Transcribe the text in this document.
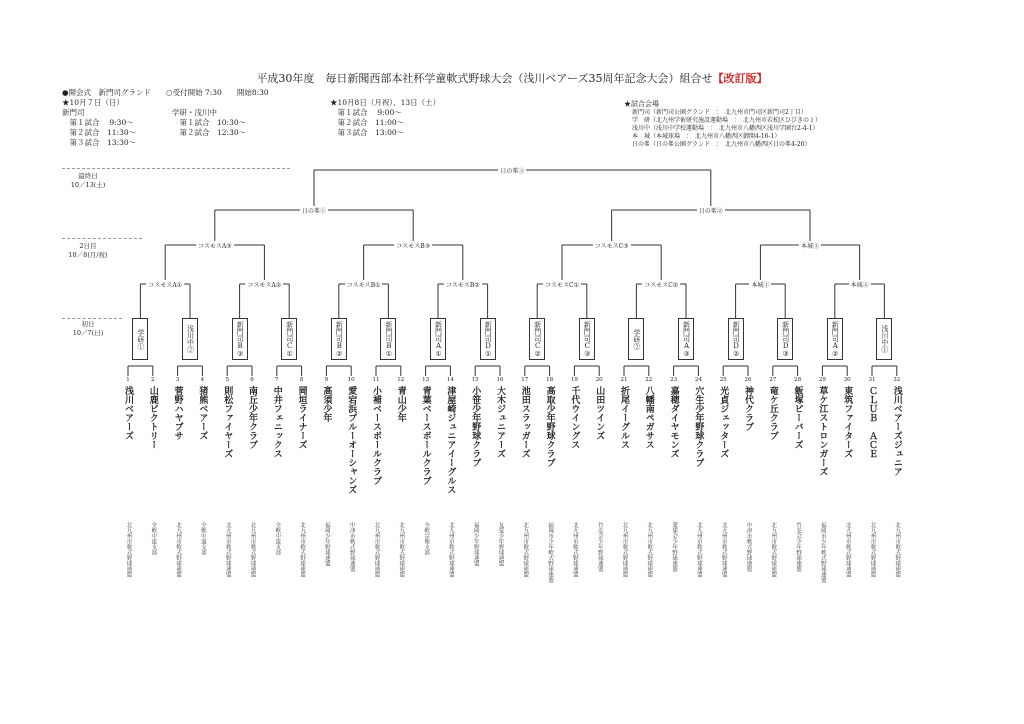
平成30年度　毎日新聞西部本社杯学童軟式野球大会（浅川ベアーズ35周年記念大会）組合せ【改訂版】
●開会式　新門司グランド　　○受付開始 7:30　　開始8:30
★10月７日（日）
新門司
　第１試合　 9:30〜
　第２試合　11:30〜
　第３試合　13:30〜
学研・浅川中
　第１試合　10:30〜
　第２試合　12:30〜
★10月8日（月祝）、13日（土）
　第１試合　 9:00〜
　第２試合　11:00〜
　第３試合　13:00〜
★試合会場
新門司（新門司公園グランド　：　北九州市門司区新門司2丁目）
学　研（北九州学術研究施設運動場　：　北九州市若松区ひびきの１）
浅川中（浅川中学校運動場　：　北九州市八幡西区浅川学園台2-4-1）
本　城（本城球場　：　北九州市八幡西区御開4-16-1）
日の峯（日の峯公園グランド　：　北九州市八幡西区日の峯4-20）
最終日
10／13(土)
2日目
10／8(月/祝)
初日
10／7(日)
コスモスA①	コスモスA②	コスモスB①	コスモスB②	コスモスC①	コスモスC②	本城①	本城②
コスモスA③	コスモスB③	コスモスC③	本城③
日の峯①	日の峯②
日の峯③
学研①	浅川中②	新門司B③	新門司C①	新門司B②	新門司B①	新門司A①	新門司D①	新門司C②	新門司C③	学研②	新門司A③	新門司D②	新門司D③	新門司A②	浅川中①
1
浅川ベアーズ
北九州市軟式野球連盟
2
山鹿ビクトリー
全軟中遠支部
3
菅野ハヤブサ
北九州市軟式野球連盟
4
猪熊ベアーズ
全軟中遠支部
5
則松ファイヤーズ
北九州市軟式野球連盟
6
南丘少年クラブ
北九州市軟式野球連盟
7
中井フェニックス
全軟中遠支部
8
岡垣ライナーズ
北九州市軟式野球連盟
9
高須少年
福岡少年野球連盟
10
愛宕浜ブルーオーシャンズ
中津市軟式野球連盟
11
小補ベースボールクラブ
北九州市軟式野球連盟
12
青山少年
北九州市軟式野球連盟
13
青葉ベースボールクラブ
全軟宗像支部
14
津屋崎ジュニアイーグルス
北九州市軟式野球連盟
15
小笹少年野球クラブ
福岡少年野球連盟
16
大木ジュニアーズ
友愛少年野球連盟
17
池田スラッガーズ
北九州市軟式野球連盟
18
高取少年野球クラブ
福岡市少年軟式野球連盟
19
千代ウイングス
北九州市軟式野球連盟
20
山田ツインズ
竹友会少年野球連盟
21
折尾イーグルス
北九州市軟式野球連盟
22
八幡南ペガサス
北九州市軟式野球連盟
23
嘉穂ダイヤモンズ
愛球会少年野球連盟
24
穴生少年野球クラブ
北九州市軟式野球連盟
25
光貞ジェッターズ
北九州市軟式野球連盟
26
神代クラブ
中津市軟式野球連盟
27
竜ケ丘クラブ
北九州市軟式野球連盟
28
飯塚ビーバーズ
竹友会少年野球連盟
29
草ケ江ストロンガーズ
福岡市少年軟式野球連盟
30
東筑ファイターズ
北九州市軟式野球連盟
31
ＣＬＵＢ　ＡＣＥ
北九州市軟式野球連盟
32
浅川ベアーズジュニア
北九州市軟式野球連盟
